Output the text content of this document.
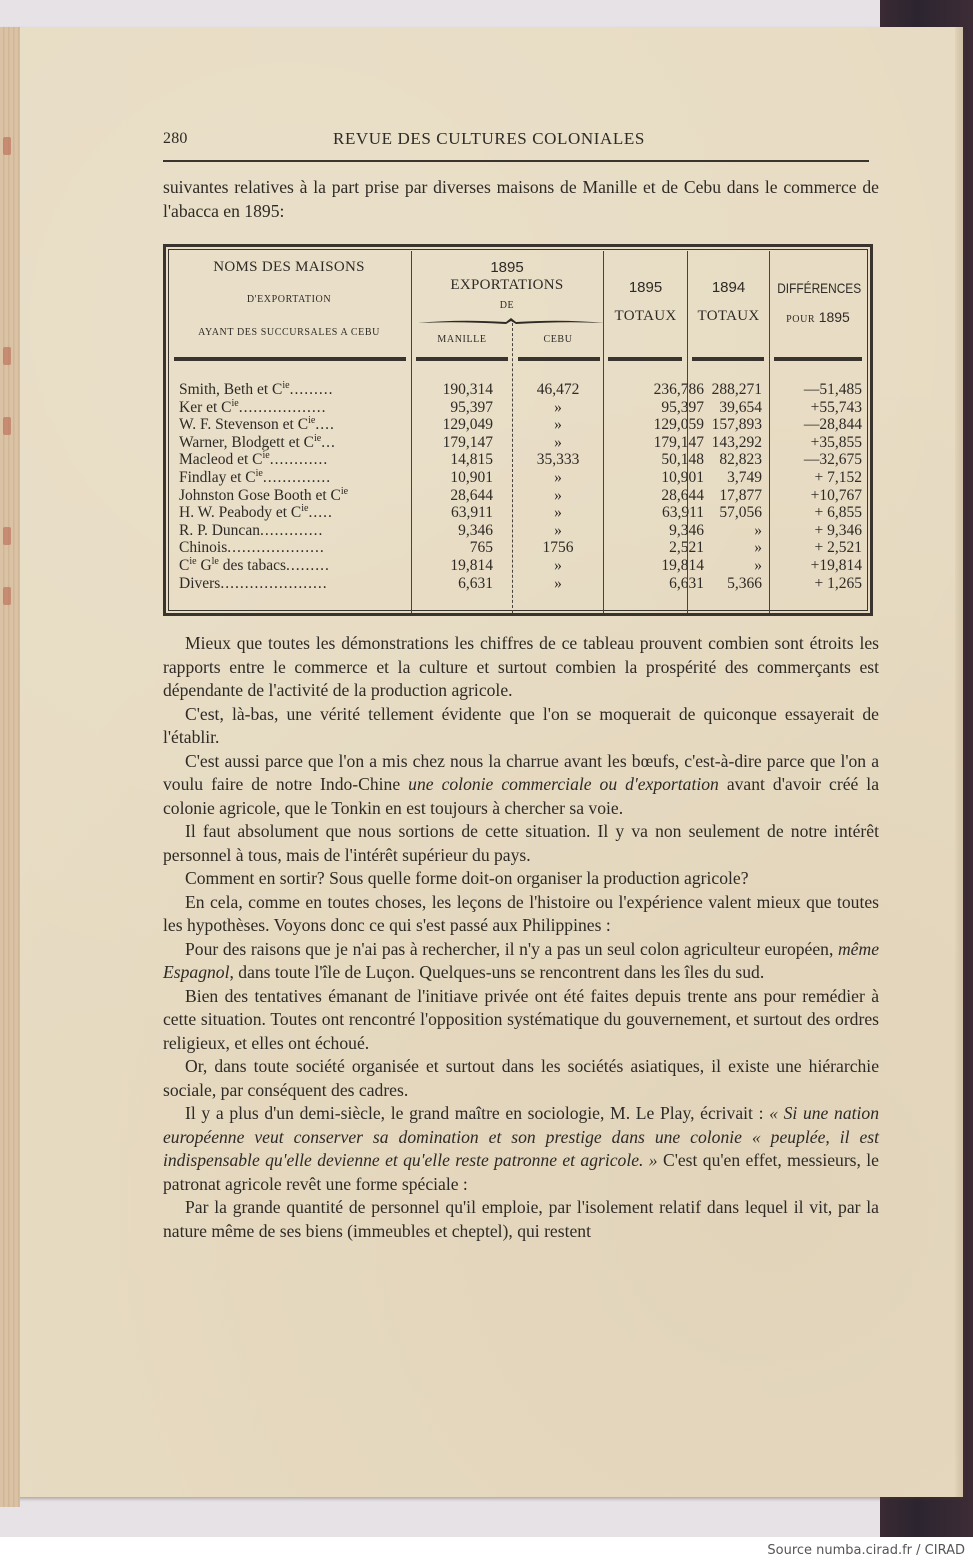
280	REVUE DES CULTURES COLONIALES

suivantes relatives à la part prise par diverses maisons de Manille et de Cebu dans le commerce de l'abacca en 1895:

NOMS DES MAISONS
D'EXPORTATION
AYANT DES SUCCURSALES A CEBU
1895
EXPORTATIONS
DE
MANILLE	CEBU
1895
TOTAUX
1894
TOTAUX
DIFFÉRENCES
POUR 1895
Smith, Beth et $C^{ie}$.........	190,314	46,472	236,786 288,271	—51,485
Ker et $C^{ie}$..................	95,397	»	95,397 39,654	+55,743
W. F. Stevenson et $C^{ie}$....	129,049	»	129,059 157,893	—28,844
Warner, Blodgett et $C^{ie}$...	179,147	»	179,147 143,292	+35,855
Macleod et $C^{ie}$............	14,815	35,333	50,148 82,823	—32,675
Findlay et $C^{ie}$..............	10,901	»	10,901	3,749	+ 7,152
Johnston Gose Booth et $C^{ie}$	28,644	»	28,644 17,877	+10,767
H. W. Peabody et $C^{ie}$.....	63,911	»	63,911 57,056	+ 6,855
R. P. Duncan.............	9,346	»	9,346	»	+ 9,346
Chinois....................	765	1756	2,521	»	+ 2,521
$C^{ie}$ $G^{le}$ des tabacs.........	19,814	»	19,814	»	+19,814
Divers......................	6,631	»	6,631	5,366	+ 1,265

Mieux que toutes les démonstrations les chiffres de ce tableau prouvent combien sont étroits les rapports entre le commerce et la culture et surtout combien la prospérité des commerçants est dépendante de l'activité de la production agricole.

C'est, là-bas, une vérité tellement évidente que l'on se moquerait de quiconque essayerait de l'établir.

C'est aussi parce que l'on a mis chez nous la charrue avant les bœufs, c'est-à-dire parce que l'on a voulu faire de notre Indo-Chine une colonie commerciale ou d'exportation avant d'avoir créé la colonie agricole, que le Tonkin en est toujours à chercher sa voie.

Il faut absolument que nous sortions de cette situation. Il y va non seulement de notre intérêt personnel à tous, mais de l'intérêt supérieur du pays.

Comment en sortir? Sous quelle forme doit-on organiser la production agricole?

En cela, comme en toutes choses, les leçons de l'histoire ou l'expérience valent mieux que toutes les hypothèses. Voyons donc ce qui s'est passé aux Philippines :

Pour des raisons que je n'ai pas à rechercher, il n'y a pas un seul colon agriculteur européen, même Espagnol, dans toute l'île de Luçon. Quelques-uns se rencontrent dans les îles du sud.

Bien des tentatives émanant de l'initiave privée ont été faites depuis trente ans pour remédier à cette situation. Toutes ont rencontré l'opposition systématique du gouvernement, et surtout des ordres religieux, et elles ont échoué.

Or, dans toute société organisée et surtout dans les sociétés asiatiques, il existe une hiérarchie sociale, par conséquent des cadres.

Il y a plus d'un demi-siècle, le grand maître en sociologie, M. Le Play, écrivait : « Si une nation européenne veut conserver sa domination et son prestige dans une colonie « peuplée, il est indispensable qu'elle devienne et qu'elle reste patronne et agricole. » C'est qu'en effet, messieurs, le patronat agricole revêt une forme spéciale :

Par la grande quantité de personnel qu'il emploie, par l'isolement relatif dans lequel il vit, par la nature même de ses biens (immeubles et cheptel), qui restent

Source numba.cirad.fr / CIRAD
